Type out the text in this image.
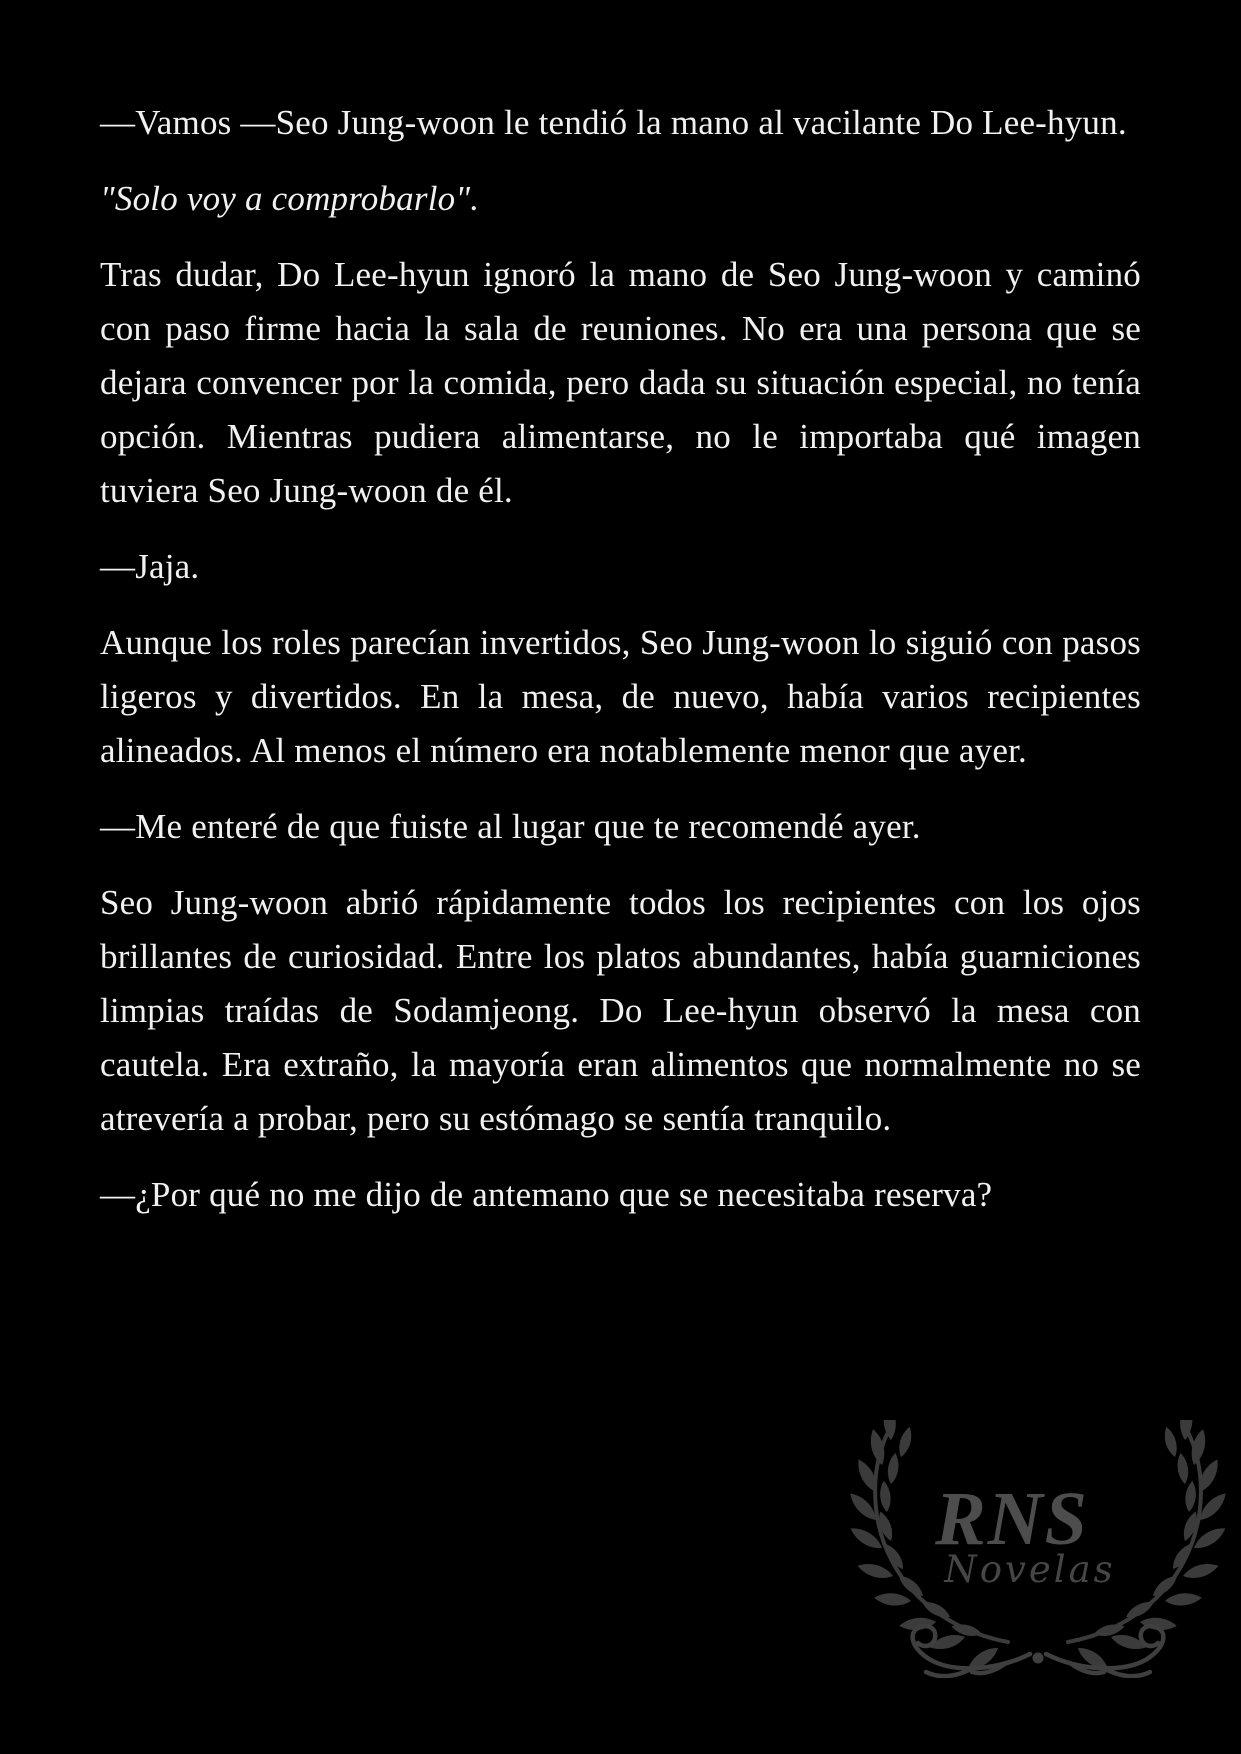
—Vamos —Seo Jung-woon le tendió la mano al vacilante Do Lee-hyun.

"Solo voy a comprobarlo".

Tras dudar, Do Lee-hyun ignoró la mano de Seo Jung-woon y caminó con paso firme hacia la sala de reuniones. No era una persona que se dejara convencer por la comida, pero dada su situación especial, no tenía opción. Mientras pudiera alimentarse, no le importaba qué imagen tuviera Seo Jung-woon de él.

—Jaja.

Aunque los roles parecían invertidos, Seo Jung-woon lo siguió con pasos ligeros y divertidos. En la mesa, de nuevo, había varios recipientes alineados. Al menos el número era notablemente menor que ayer.

—Me enteré de que fuiste al lugar que te recomendé ayer.

Seo Jung-woon abrió rápidamente todos los recipientes con los ojos brillantes de curiosidad. Entre los platos abundantes, había guarniciones limpias traídas de Sodamjeong. Do Lee-hyun observó la mesa con cautela. Era extraño, la mayoría eran alimentos que normalmente no se atrevería a probar, pero su estómago se sentía tranquilo.

—¿Por qué no me dijo de antemano que se necesitaba reserva?

RNS
Novelas
